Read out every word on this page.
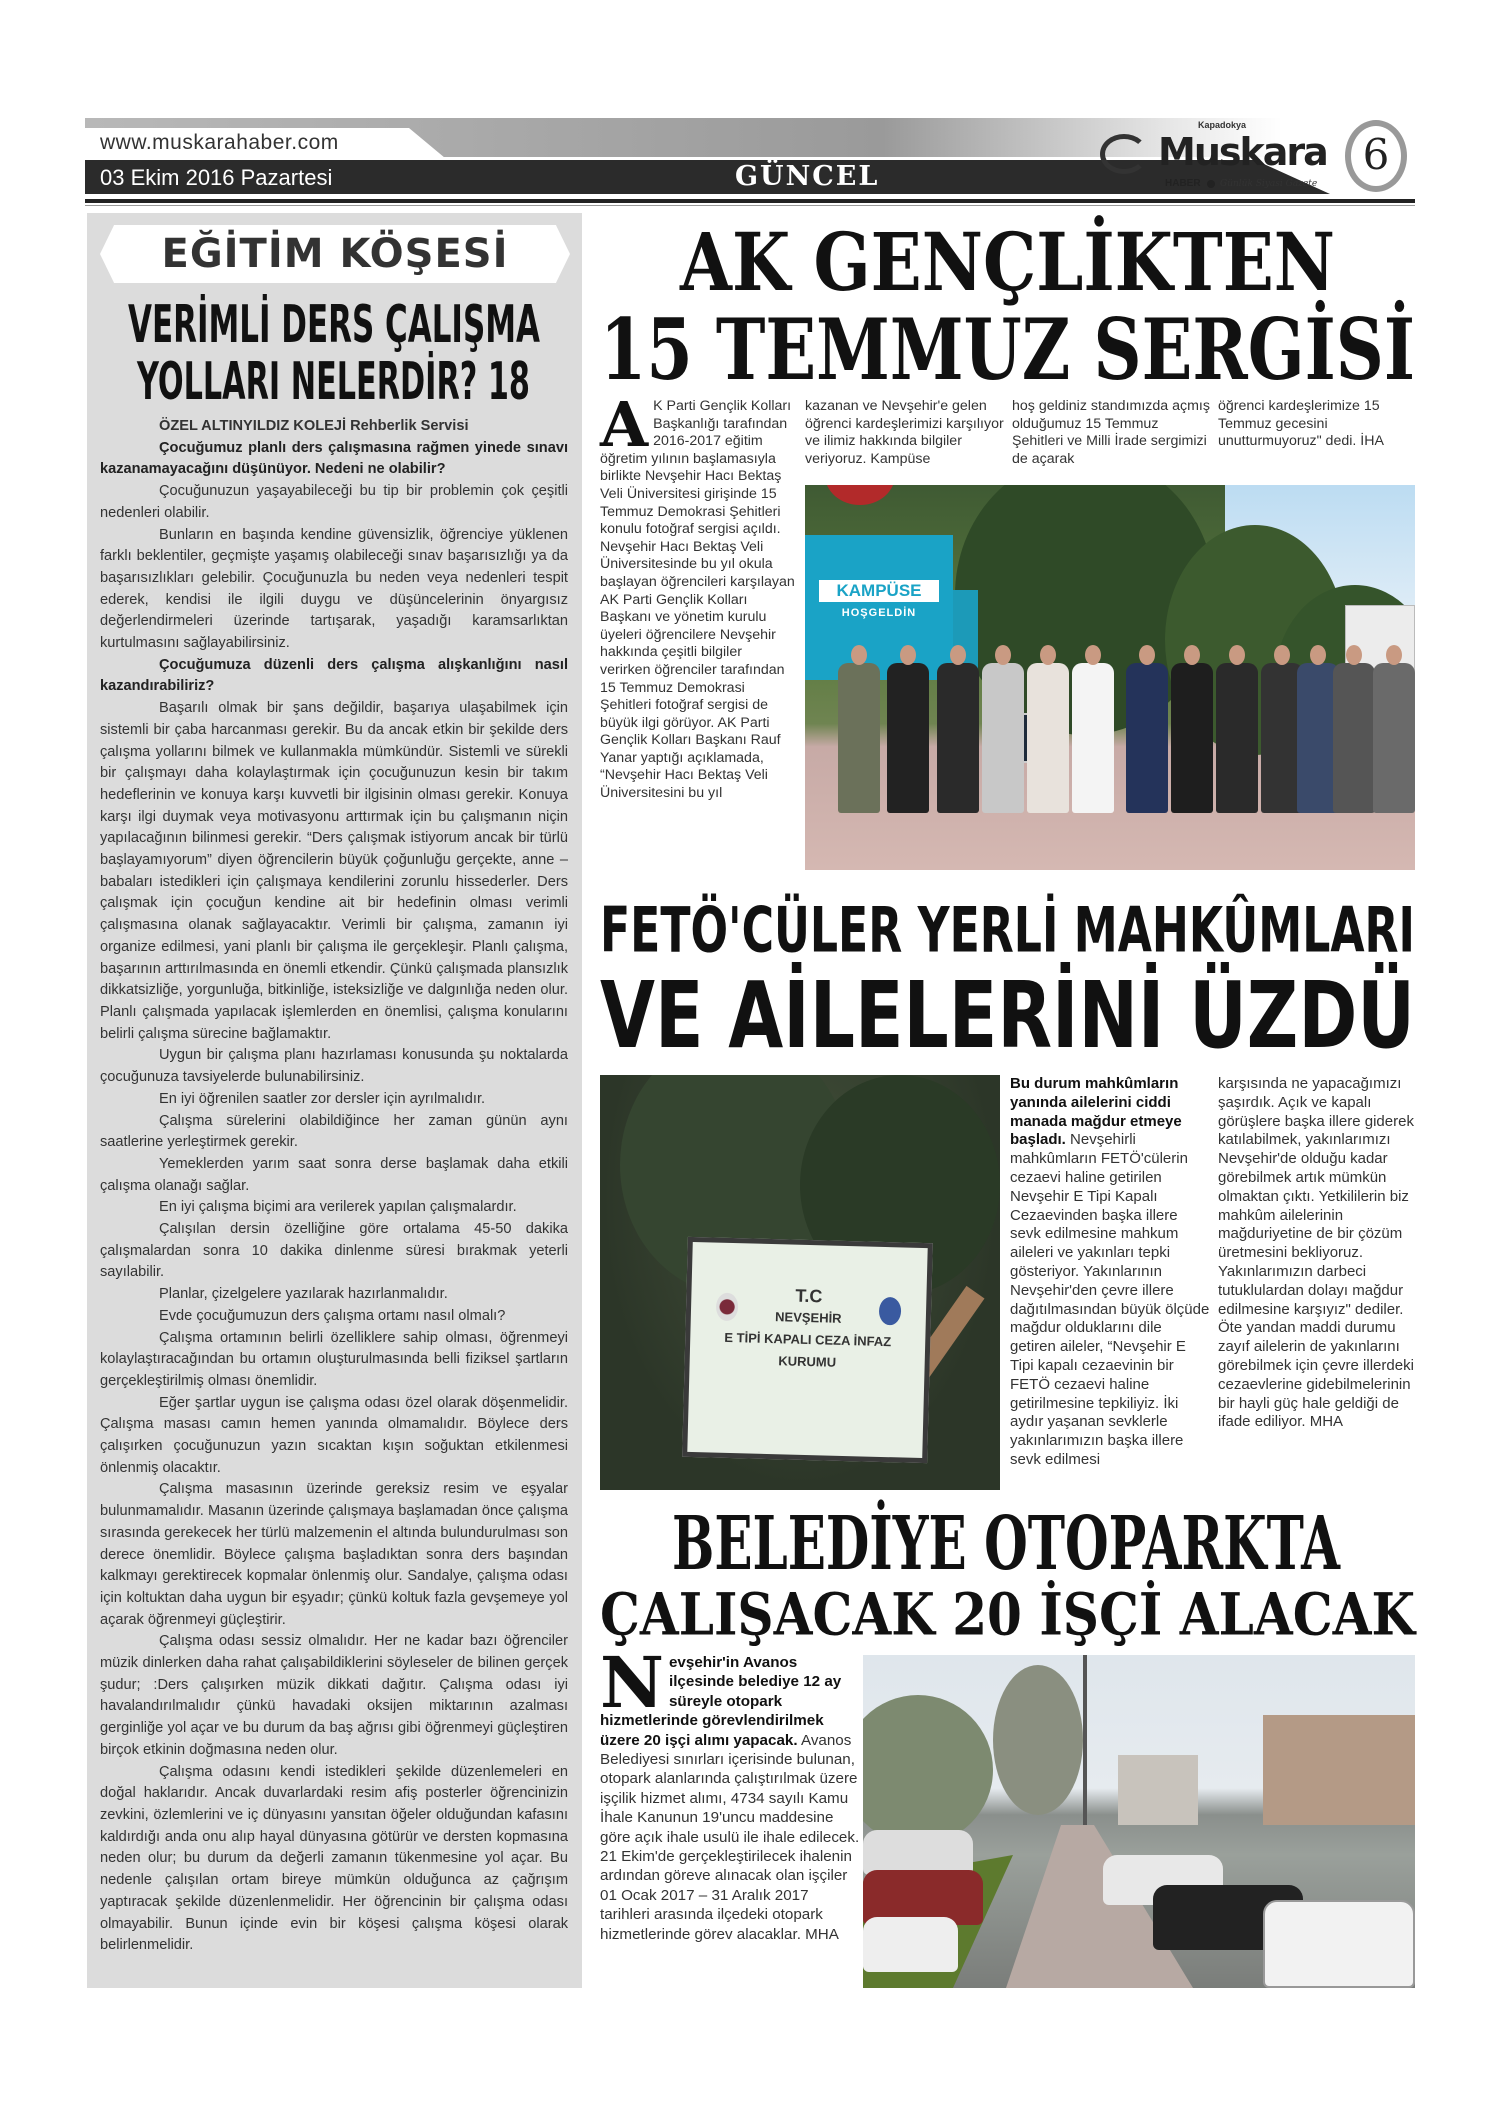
www.muskarahaber.com
03 Ekim 2016 Pazartesi	GÜNCEL
Kapadokya
Muskara
HABER Günlük Siyasi Gazete
6
EĞİTİM KÖŞESİ
VERİMLİ DERS ÇALIŞMA
YOLLARI NELERDİR? 18

ÖZEL ALTINYILDIZ KOLEJİ Rehberlik Servisi

Çocuğumuz planlı ders çalışmasına rağmen yinede sınavı kazanamayacağını düşünüyor. Nedeni ne olabilir?

Çocuğunuzun yaşayabileceği bu tip bir problemin çok çeşitli nedenleri olabilir.

Bunların en başında kendine güvensizlik, öğrenciye yüklenen farklı beklentiler, geçmişte yaşamış olabileceği sınav başarısızlığı ya da başarısızlıkları gelebilir. Çocuğunuzla bu neden veya nedenleri tespit ederek, kendisi ile ilgili duygu ve düşüncelerinin önyargısız değerlendirmeleri üzerinde tartışarak, yaşadığı karamsarlıktan kurtulmasını sağlayabilirsiniz.

Çocuğumuza düzenli ders çalışma alışkanlığını nasıl kazandırabiliriz?

Başarılı olmak bir şans değildir, başarıya ulaşabilmek için sistemli bir çaba harcanması gerekir. Bu da ancak etkin bir şekilde ders çalışma yollarını bilmek ve kullanmakla mümkündür. Sistemli ve sürekli bir çalışmayı daha kolaylaştırmak için çocuğunuzun kesin bir takım hedeflerinin ve konuya karşı kuvvetli bir ilgisinin olması gerekir. Konuya karşı ilgi duymak veya motivasyonu arttırmak için bu çalışmanın niçin yapılacağının bilinmesi gerekir. “Ders çalışmak istiyorum ancak bir türlü başlayamıyorum” diyen öğrencilerin büyük çoğunluğu gerçekte, anne –babaları istedikleri için çalışmaya kendilerini zorunlu hissederler. Ders çalışmak için çocuğun kendine ait bir hedefinin olması verimli çalışmasına olanak sağlayacaktır. Verimli bir çalışma, zamanın iyi organize edilmesi, yani planlı bir çalışma ile gerçekleşir. Planlı çalışma, başarının arttırılmasında en önemli etkendir. Çünkü çalışmada plansızlık dikkatsizliğe, yorgunluğa, bitkinliğe, isteksizliğe ve dalgınlığa neden olur. Planlı çalışmada yapılacak işlemlerden en önemlisi, çalışma konularını belirli çalışma sürecine bağlamaktır.

Uygun bir çalışma planı hazırlaması konusunda şu noktalarda çocuğunuza tavsiyelerde bulunabilirsiniz.

En iyi öğrenilen saatler zor dersler için ayrılmalıdır.

Çalışma sürelerini olabildiğince her zaman günün aynı saatlerine yerleştirmek gerekir.

Yemeklerden yarım saat sonra derse başlamak daha etkili çalışma olanağı sağlar.

En iyi çalışma biçimi ara verilerek yapılan çalışmalardır.

Çalışılan dersin özelliğine göre ortalama 45-50 dakika çalışmalardan sonra 10 dakika dinlenme süresi bırakmak yeterli sayılabilir.

Planlar, çizelgelere yazılarak hazırlanmalıdır.

Evde çocuğumuzun ders çalışma ortamı nasıl olmalı?

Çalışma ortamının belirli özelliklere sahip olması, öğrenmeyi kolaylaştıracağından bu ortamın oluşturulmasında belli fiziksel şartların gerçekleştirilmiş olması önemlidir.

Eğer şartlar uygun ise çalışma odası özel olarak döşenmelidir. Çalışma masası camın hemen yanında olmamalıdır. Böylece ders çalışırken çocuğunuzun yazın sıcaktan kışın soğuktan etkilenmesi önlenmiş olacaktır.

Çalışma masasının üzerinde gereksiz resim ve eşyalar bulunmamalıdır. Masanın üzerinde çalışmaya başlamadan önce çalışma sırasında gerekecek her türlü malzemenin el altında bulundurulması son derece önemlidir. Böylece çalışma başladıktan sonra ders başından kalkmayı gerektirecek kopmalar önlenmiş olur. Sandalye, çalışma odası için koltuktan daha uygun bir eşyadır; çünkü koltuk fazla gevşemeye yol açarak öğrenmeyi güçleştirir.

Çalışma odası sessiz olmalıdır. Her ne kadar bazı öğrenciler müzik dinlerken daha rahat çalışabildiklerini söyleseler de bilinen gerçek şudur; :Ders çalışırken müzik dikkati dağıtır. Çalışma odası iyi havalandırılmalıdır çünkü havadaki oksijen miktarının azalması gerginliğe yol açar ve bu durum da baş ağrısı gibi öğrenmeyi güçleştiren birçok etkinin doğmasına neden olur.

Çalışma odasını kendi istedikleri şekilde düzenlemeleri en doğal haklarıdır. Ancak duvarlardaki resim afiş posterler öğrencinizin zevkini, özlemlerini ve iç dünyasını yansıtan öğeler olduğundan kafasını kaldırdığı anda onu alıp hayal dünyasına götürür ve dersten kopmasına neden olur; bu durum da değerli zamanın tükenmesine yol açar. Bu nedenle çalışılan ortam bireye mümkün olduğunca az çağrışım yaptıracak şekilde düzenlenmelidir. Her öğrencinin bir çalışma odası olmayabilir. Bunun içinde evin bir köşesi çalışma köşesi olarak belirlenmelidir.

AK GENÇLİKTEN
15 TEMMUZ SERGİSİ
A K Parti Gençlik Kolları Başkanlığı tarafından 2016-2017 eğitim öğretim yılının başlamasıyla birlikte Nevşehir Hacı Bektaş Veli Üniversitesi girişinde 15 Temmuz Demokrasi Şehitleri konulu fotoğraf sergisi açıldı. Nevşehir Hacı Bektaş Veli Üniversitesinde bu yıl okula başlayan öğrencileri karşılayan AK Parti Gençlik Kolları Başkanı ve yönetim kurulu üyeleri öğrencilere Nevşehir hakkında çeşitli bilgiler verirken öğrenciler tarafından 15 Temmuz Demokrasi Şehitleri fotoğraf sergisi de büyük ilgi görüyor. AK Parti Gençlik Kolları Başkanı Rauf Yanar yaptığı açıklamada, “Nevşehir Hacı Bektaş Veli Üniversitesini bu yıl
kazanan ve Nevşehir'e gelen öğrenci kardeşlerimizi karşılıyor ve ilimiz hakkında bilgiler veriyoruz. Kampüse
hoş geldiniz standımızda açmış olduğumuz 15 Temmuz Şehitleri ve Milli İrade sergimizi de açarak
öğrenci kardeşlerimize 15 Temmuz gecesini unutturmuyoruz" dedi. İHA
KAMPÜSE
HOŞGELDİN
FETÖ'CÜLER YERLİ MAHKÛMLARI
VE AİLELERİNİ ÜZDÜ
T.C
NEVŞEHİR
E TİPİ KAPALI CEZA İNFAZ
KURUMU
Bu durum mahkûmların yanında ailelerini ciddi manada mağdur etmeye başladı. Nevşehirli mahkûmların FETÖ'cülerin cezaevi haline getirilen Nevşehir E Tipi Kapalı Cezaevinden başka illere sevk edilmesine mahkum aileleri ve yakınları tepki gösteriyor. Yakınlarının Nevşehir'den çevre illere dağıtılmasından büyük ölçüde mağdur olduklarını dile getiren aileler, “Nevşehir E Tipi kapalı cezaevinin bir FETÖ cezaevi haline getirilmesine tepkiliyiz. İki aydır yaşanan sevklerle yakınlarımızın başka illere sevk edilmesi
karşısında ne yapacağımızı şaşırdık. Açık ve kapalı görüşlere başka illere giderek katılabilmek, yakınlarımızı Nevşehir'de olduğu kadar görebilmek artık mümkün olmaktan çıktı. Yetkililerin biz mahkûm ailelerinin mağduriyetine de bir çözüm üretmesini bekliyoruz. Yakınlarımızın darbeci tutuklulardan dolayı mağdur edilmesine karşıyız" dediler. Öte yandan maddi durumu zayıf ailelerin de yakınlarını görebilmek için çevre illerdeki cezaevlerine gidebilmelerinin bir hayli güç hale geldiği de ifade ediliyor. MHA
BELEDİYE OTOPARKTA
ÇALIŞACAK 20 İŞÇİ ALACAK
Nevşehir'in Avanos ilçesinde belediye 12 ay süreyle otopark hizmetlerinde görevlendirilmek üzere 20 işçi alımı yapacak. Avanos Belediyesi sınırları içerisinde bulunan, otopark alanlarında çalıştırılmak üzere işçilik hizmet alımı, 4734 sayılı Kamu İhale Kanunun 19'uncu maddesine göre açık ihale usulü ile ihale edilecek. 21 Ekim'de gerçekleştirilecek ihalenin ardından göreve alınacak olan işçiler 01 Ocak 2017 – 31 Aralık 2017 tarihleri arasında ilçedeki otopark hizmetlerinde görev alacaklar. MHA
